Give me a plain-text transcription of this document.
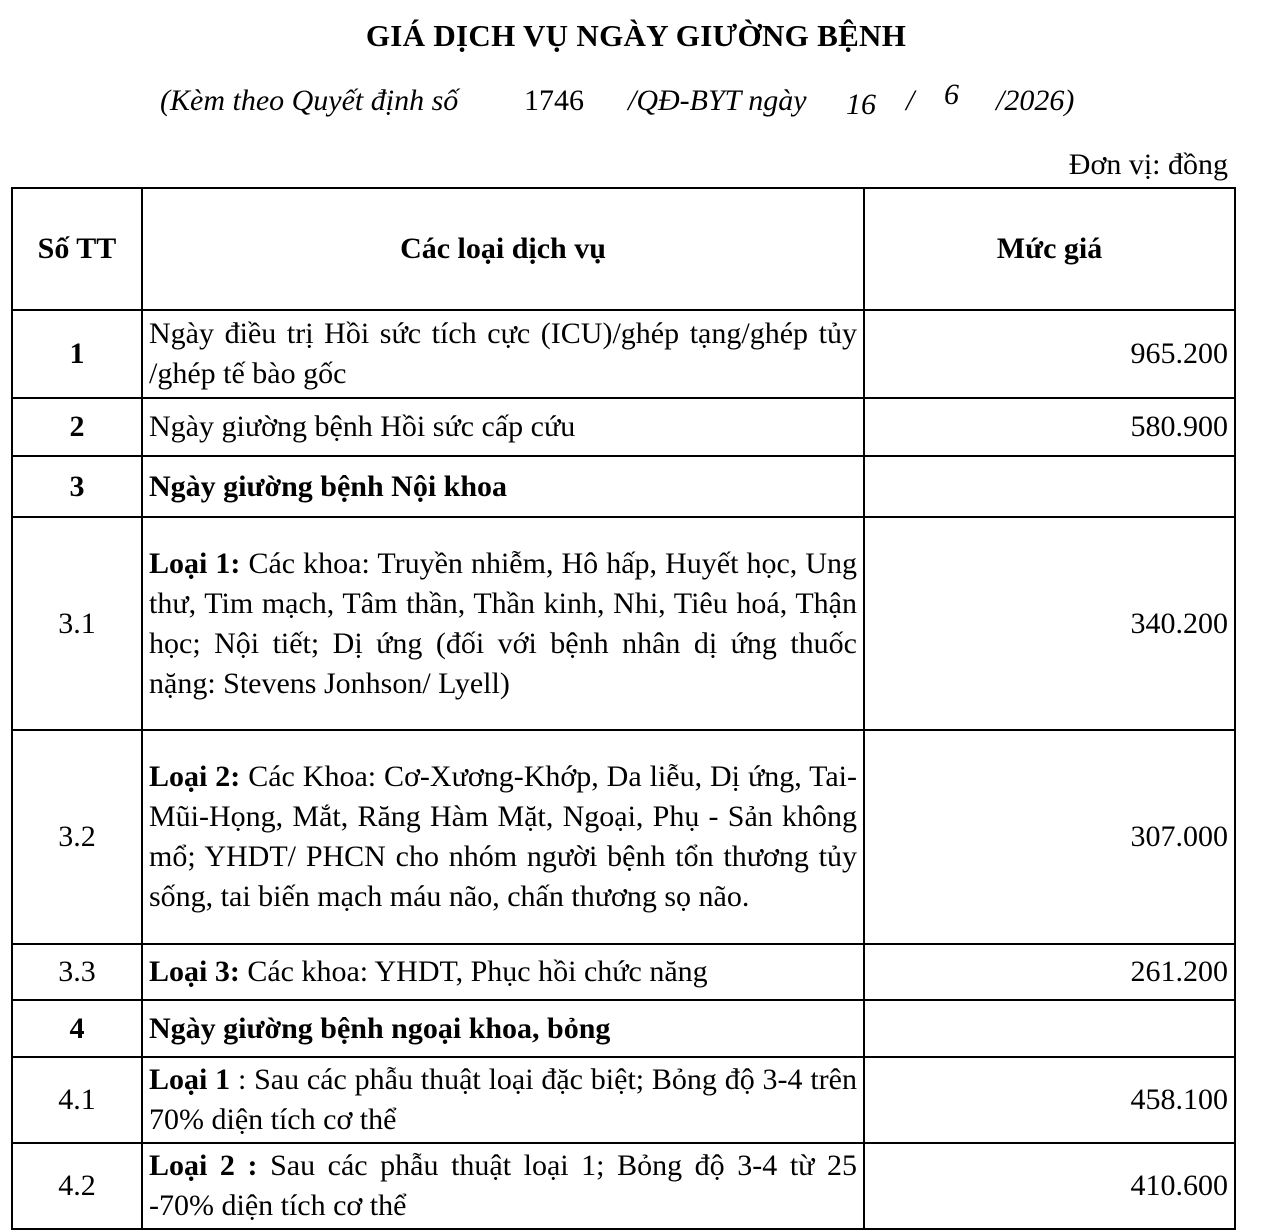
GIÁ DỊCH VỤ NGÀY GIƯỜNG BỆNH
(Kèm theo Quyết định số 1746 /QĐ-BYT ngày 16 / 6 /2026)
Đơn vị: đồng
Số TT	Các loại dịch vụ	Mức giá
1	Ngày điều trị Hồi sức tích cực (ICU)/ghép tạng/ghép tủy /ghép tế bào gốc	965.200
2	Ngày giường bệnh Hồi sức cấp cứu	580.900
3	Ngày giường bệnh Nội khoa	
3.1	Loại 1: Các khoa: Truyền nhiễm, Hô hấp, Huyết học, Ung thư, Tim mạch, Tâm thần, Thần kinh, Nhi, Tiêu hoá, Thận học; Nội tiết; Dị ứng (đối với bệnh nhân dị ứng thuốc nặng: Stevens Jonhson/ Lyell)	340.200
3.2	Loại 2: Các Khoa: Cơ-Xương-Khớp, Da liễu, Dị ứng, Tai-Mũi-Họng, Mắt, Răng Hàm Mặt, Ngoại, Phụ - Sản không mổ; YHDT/ PHCN cho nhóm người bệnh tổn thương tủy sống, tai biến mạch máu não, chấn thương sọ não.	307.000
3.3	Loại 3: Các khoa: YHDT, Phục hồi chức năng	261.200
4	Ngày giường bệnh ngoại khoa, bỏng	
4.1	Loại 1 : Sau các phẫu thuật loại đặc biệt; Bỏng độ 3-4 trên 70% diện tích cơ thể	458.100
4.2	Loại 2 : Sau các phẫu thuật loại 1; Bỏng độ 3-4 từ 25 -70% diện tích cơ thể	410.600
